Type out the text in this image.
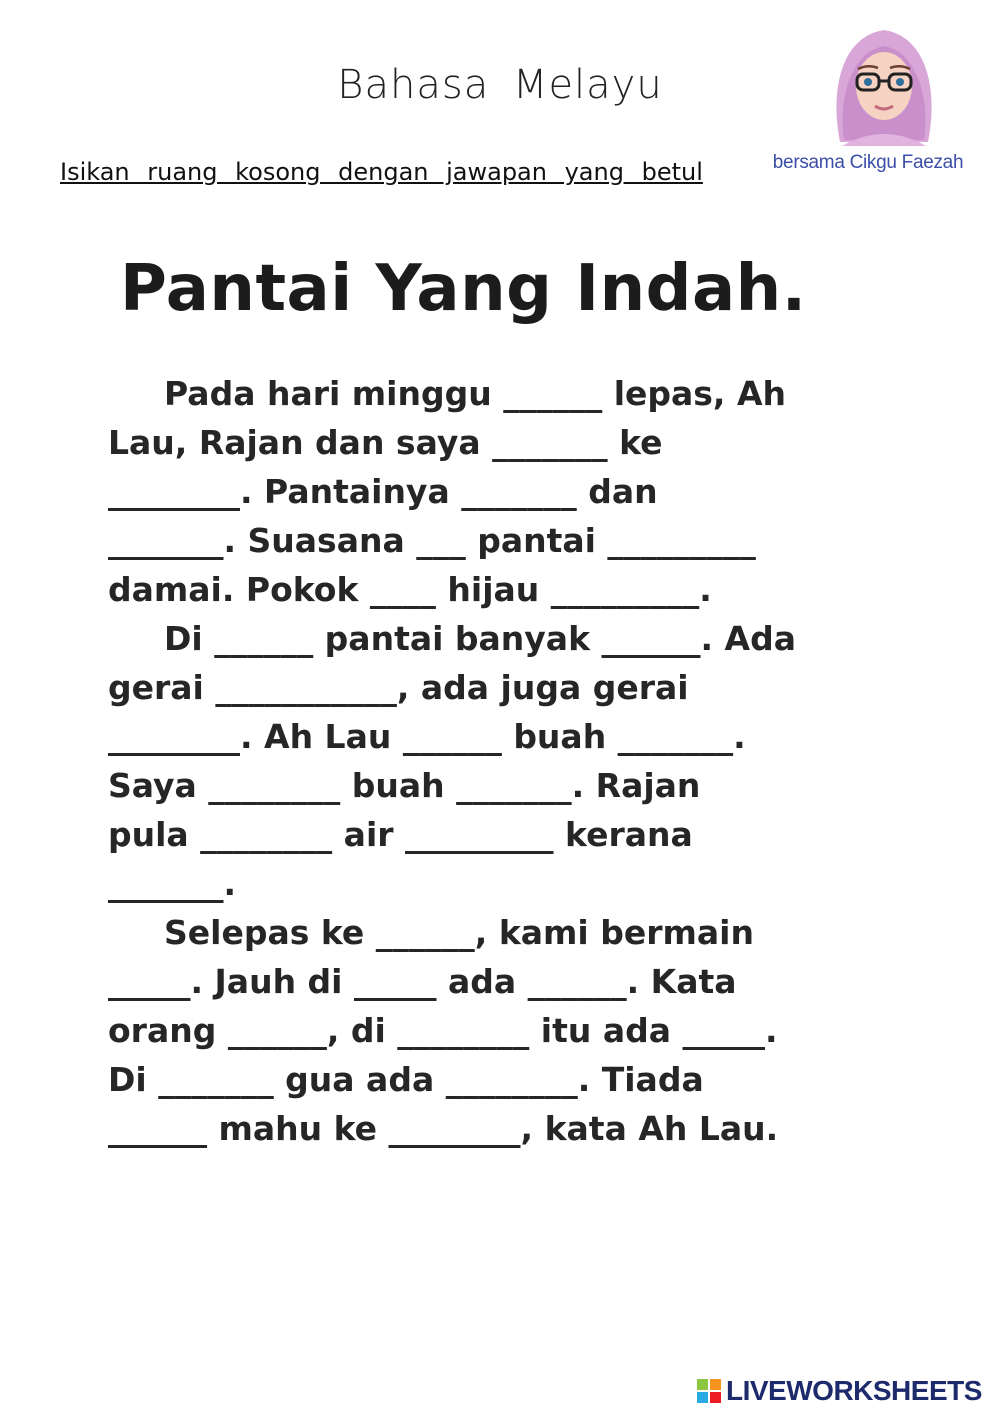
Bahasa Melayu
Isikan ruang kosong dengan jawapan yang betul	bersama Cikgu Faezah
Pantai Yang Indah.
Pada hari minggu ______ lepas, Ah
Lau, Rajan dan saya _______ ke
________. Pantainya _______ dan
_______. Suasana ___ pantai _________
damai. Pokok ____ hijau _________.
Di ______ pantai banyak ______. Ada
gerai ___________, ada juga gerai
________. Ah Lau ______ buah _______.
Saya ________ buah _______. Rajan
pula ________ air _________ kerana
_______.
Selepas ke ______, kami bermain
_____. Jauh di _____ ada ______. Kata
orang ______, di ________ itu ada _____.
Di _______ gua ada ________. Tiada
______ mahu ke ________, kata Ah Lau.
LIVEWORKSHEETS
